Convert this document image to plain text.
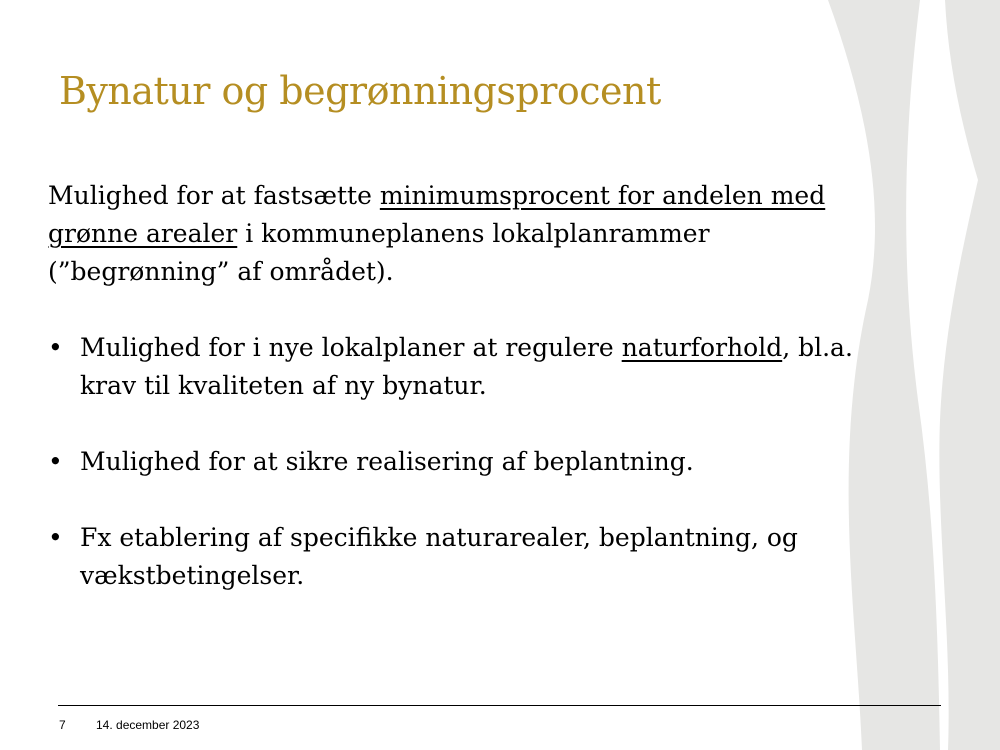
Bynatur og begrønningsprocent

Mulighed for at fastsætte minimumsprocent for andelen med grønne arealer i kommuneplanens lokalplanrammer (”begrønning” af området).

• Mulighed for i nye lokalplaner at regulere naturforhold, bl.a. krav til kvaliteten af ny bynatur.
• Mulighed for at sikre realisering af beplantning.
• Fx etablering af specifikke naturarealer, beplantning, og vækstbetingelser.
7	14. december 2023
